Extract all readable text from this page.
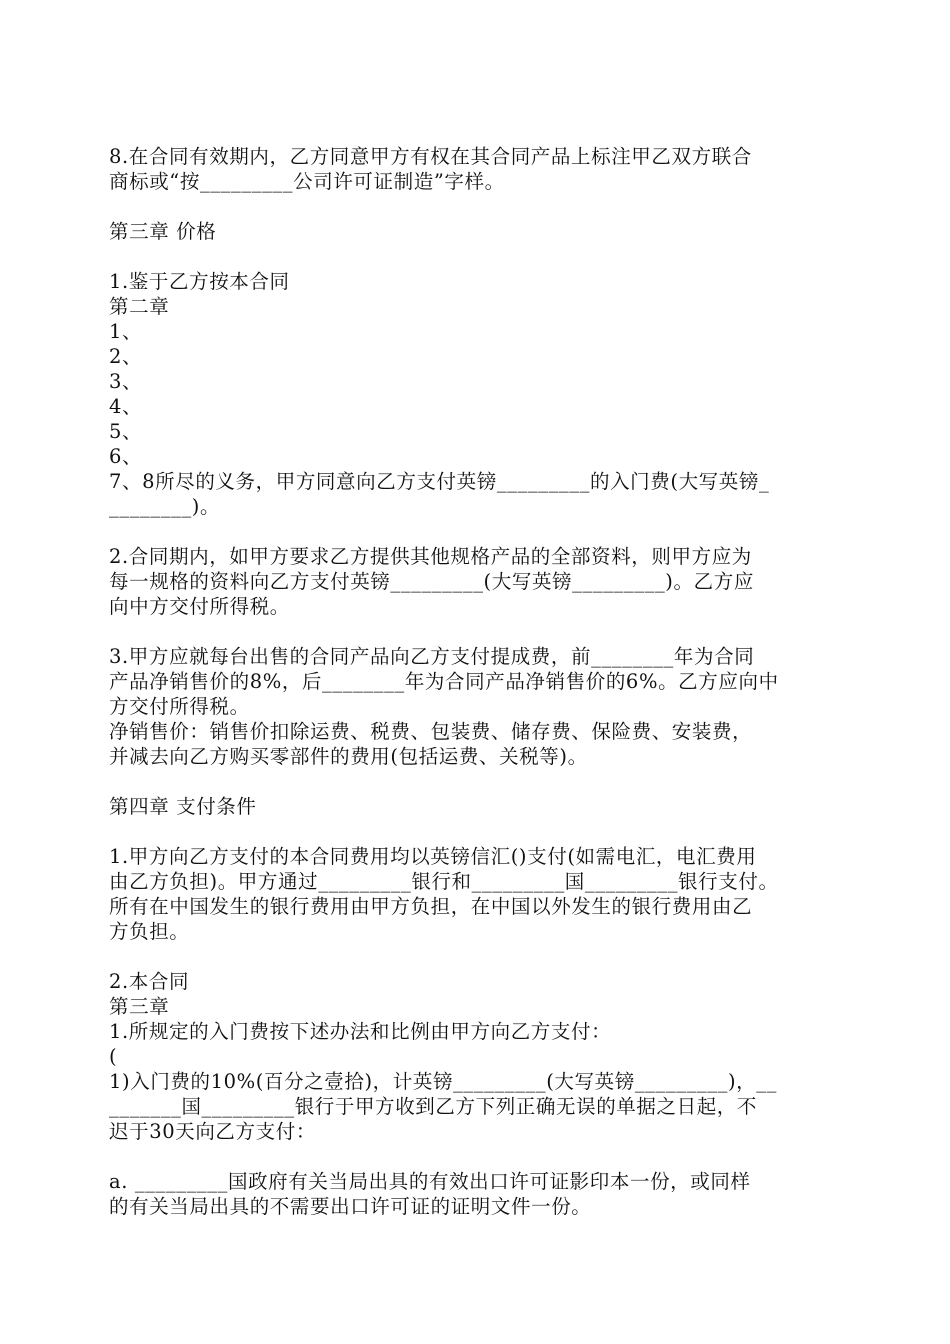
8.在合同有效期内，乙方同意甲方有权在其合同产品上标注甲乙双方联合

商标或“按_________公司许可证制造”字样。

第三章 价格

1.鉴于乙方按本合同

第二章

1、

2、

3、

4、

5、

6、

7、8所尽的义务，甲方同意向乙方支付英镑_________的入门费(大写英镑_

________)。

2.合同期内，如甲方要求乙方提供其他规格产品的全部资料，则甲方应为

每一规格的资料向乙方支付英镑_________(大写英镑_________)。乙方应

向中方交付所得税。

3.甲方应就每台出售的合同产品向乙方支付提成费，前________年为合同

产品净销售价的8%，后________年为合同产品净销售价的6%。乙方应向中

方交付所得税。

净销售价：销售价扣除运费、税费、包装费、储存费、保险费、安装费，

并减去向乙方购买零部件的费用(包括运费、关税等)。

第四章 支付条件

1.甲方向乙方支付的本合同费用均以英镑信汇()支付(如需电汇，电汇费用

由乙方负担)。甲方通过_________银行和_________国_________银行支付。

所有在中国发生的银行费用由甲方负担，在中国以外发生的银行费用由乙

方负担。

2.本合同

第三章

1.所规定的入门费按下述办法和比例由甲方向乙方支付：

(

1)入门费的10%(百分之壹拾)，计英镑_________(大写英镑_________)，__

_______国_________银行于甲方收到乙方下列正确无误的单据之日起，不

迟于30天向乙方支付：

a. _________国政府有关当局出具的有效出口许可证影印本一份，或同样

的有关当局出具的不需要出口许可证的证明文件一份。
